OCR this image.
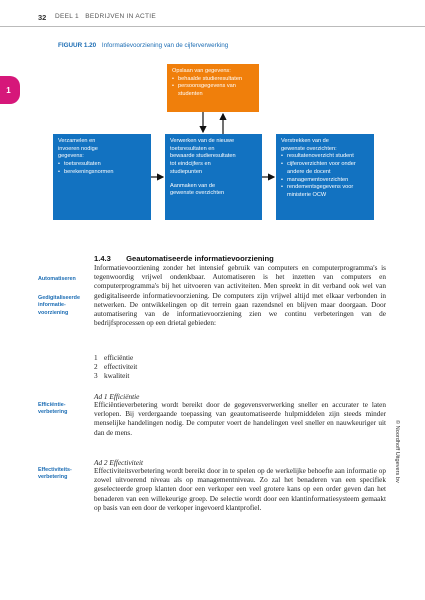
32 DEEL 1   BEDRIJVEN IN ACTIE
1
FIGUUR 1.20 Informatievoorziening van de cijferverwerking
Opslaan van gegevens:
• behaalde studieresultaten
• persoonsgegevens van studenten
Verzamelen en
invoeren nodige
gegevens:
• toetsresultaten
• berekeningsnormen
Verwerken van de nieuwe
toetsresultaten en
bewaarde studieresultaten
tot eindcijfers en
studiepunten
Aanmaken van de
gewenste overzichten
Verstrekken van de
gewenste overzichten:
• resultatenoverzicht student
• cijferoverzichten voor onder andere de docent
• managementoverzichten
• rendementsgegevens voor ministerie OCW
1.4.3 Geautomatiseerde informatievoorziening
Automatiseren
Gedigitaliseerde informatie-voorziening
Efficiëntie-verbetering
Effectiviteits-verbetering
Informatievoorziening zonder het intensief gebruik van computers en computerprogramma's is tegenwoordig vrijwel ondenkbaar. Automatiseren is het inzetten van computers en computerprogramma's bij het uitvoeren van activiteiten. Men spreekt in dit verband ook wel van gedigitaliseerde informatievoorziening. De computers zijn vrijwel altijd met elkaar verbonden in netwerken. De ontwikkelingen op dit terrein gaan razendsnel en blijven maar doorgaan. Door automatisering van de informatievoorziening zien we continu verbeteringen van de bedrijfsprocessen op een drietal gebieden:
1 efficiëntie
2 effectiviteit
3 kwaliteit
Ad 1 Efficiëntie
Efficiëntieverbetering wordt bereikt door de gegevensverwerking sneller en accurater te laten verlopen. Bij verdergaande toepassing van geautomatiseerde hulpmiddelen zijn steeds minder menselijke handelingen nodig. De computer voert de handelingen veel sneller en nauwkeuriger uit dan de mens.
Ad 2 Effectiviteit
Effectiviteitsverbetering wordt bereikt door in te spelen op de werkelijke behoefte aan informatie op zowel uitvoerend niveau als op managementniveau. Zo zal het benaderen van een specifiek geselecteerde groep klanten door een verkoper een veel grotere kans op een order geven dan het benaderen van een willekeurige groep. De selectie wordt door een klantinformatiesysteem gemaakt op basis van een door de verkoper ingevoerd klantprofiel.
© Noordhoff Uitgevers bv
